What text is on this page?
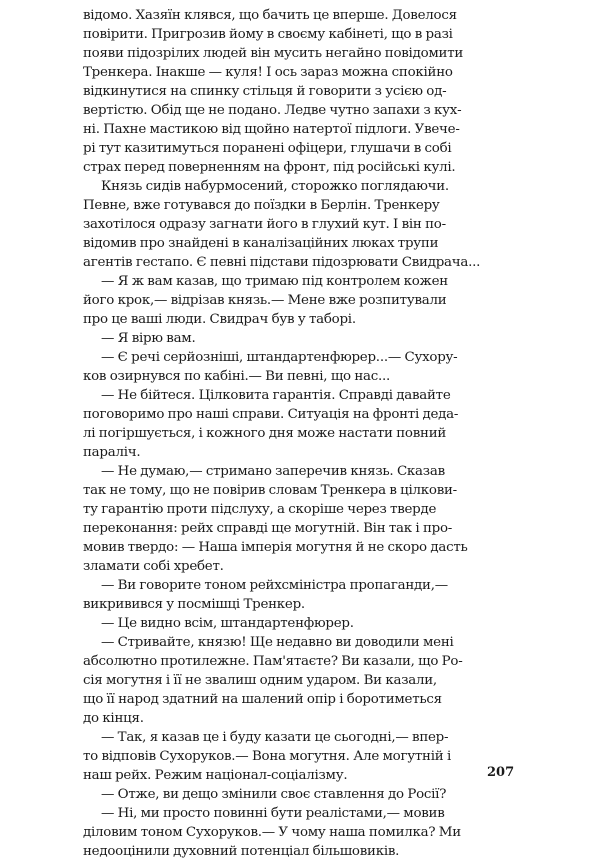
відомо. Хазяїн клявся, що бачить це вперше. Довелося
повірити. Пригрозив йому в своєму кабінеті, що в разі
появи підозрілих людей він мусить негайно повідомити
Тренкера. Інакше — куля! І ось зараз можна спокійно
відкинутися на спинку стільця й говорити з усією од-
вертістю. Обід ще не подано. Ледве чутно запахи з кух-
ні. Пахне мастикою від щойно натертої підлоги. Увече-
рі тут казитимуться поранені офіцери, глушачи в собі
страх перед поверненням на фронт, під російські кулі.
Князь сидів набурмосений, сторожко поглядаючи.
Певне, вже готувався до поїздки в Берлін. Тренкеру
захотілося одразу загнати його в глухий кут. І він по-
відомив про знайдені в каналізаційних люках трупи
агентів гестапо. Є певні підстави підозрювати Свидрача...
— Я ж вам казав, що тримаю під контролем кожен
його крок,— відрізав князь.— Мене вже розпитували
про це ваші люди. Свидрач був у таборі.
— Я вірю вам.
— Є речі серйозніші, штандартенфюрер...— Сухору-
ков озирнувся по кабіні.— Ви певні, що нас...
— Не бійтеся. Цілковита гарантія. Справді давайте
поговоримо про наші справи. Ситуація на фронті деда-
лі погіршується, і кожного дня може настати повний
параліч.
— Не думаю,— стримано заперечив князь. Сказав
так не тому, що не повірив словам Тренкера в цілкови-
ту гарантію проти підслуху, а скоріше через тверде
переконання: рейх справді ще могутній. Він так і про-
мовив твердо: — Наша імперія могутня й не скоро дасть
зламати собі хребет.
— Ви говорите тоном рейхсміністра пропаганди,—
викривився у посмішці Тренкер.
— Це видно всім, штандартенфюрер.
— Стривайте, князю! Ще недавно ви доводили мені
абсолютно протилежне. Пам'ятаєте? Ви казали, що Ро-
сія могутня і її не звалиш одним ударом. Ви казали,
що її народ здатний на шалений опір і боротиметься
до кінця.
— Так, я казав це і буду казати це сьогодні,— впер-
то відповів Сухоруков.— Вона могутня. Але могутній і
наш рейх. Режим націонал-соціалізму.
— Отже, ви дещо змінили своє ставлення до Росії?
— Ні, ми просто повинні бути реалістами,— мовив
діловим тоном Сухоруков.— У чому наша помилка? Ми
недооцінили духовний потенціал більшовиків.
207
